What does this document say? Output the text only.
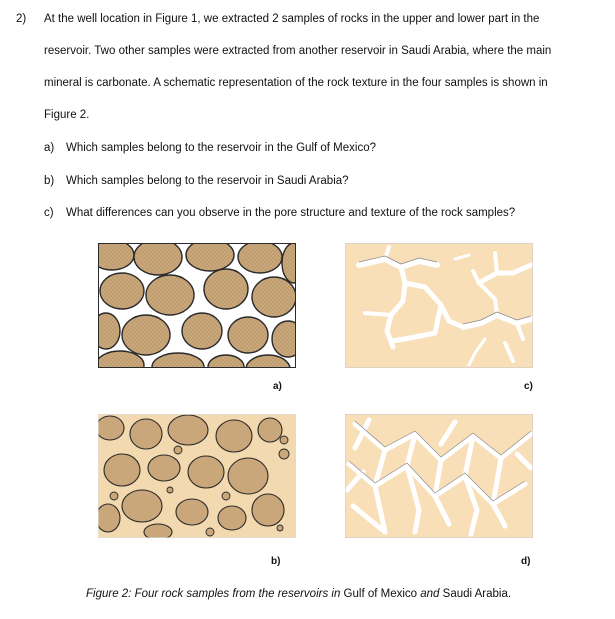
2) At the well location in Figure 1, we extracted 2 samples of rocks in the upper and lower part in the
reservoir. Two other samples were extracted from another reservoir in Saudi Arabia, where the main
mineral is carbonate. A schematic representation of the rock texture in the four samples is shown in
Figure 2.
a) Which samples belong to the reservoir in the Gulf of Mexico?
b) Which samples belong to the reservoir in Saudi Arabia?
c) What differences can you observe in the pore structure and texture of the rock samples?
a)	c)
b)	d)
Figure 2: Four rock samples from the reservoirs in Gulf of Mexico and Saudi Arabia.
